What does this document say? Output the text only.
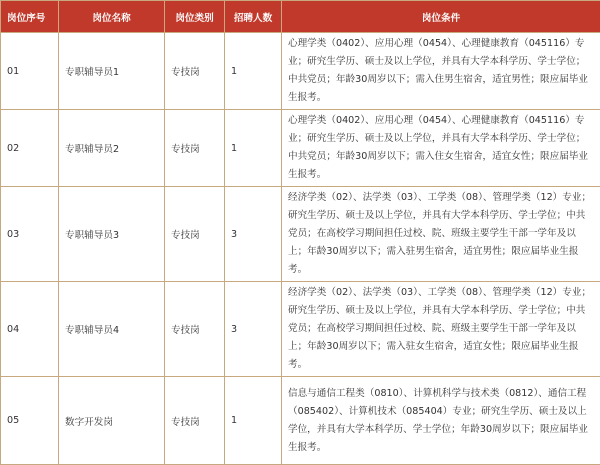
岗位序号	岗位名称	岗位类别	招聘人数	岗位条件
01	专职辅导员1	专技岗	1	心理学类（0402）、应用心理（0454）、心理健康教育（045116）专业；研究生学历、硕士及以上学位，并具有大学本科学历、学士学位；中共党员；年龄30周岁以下；需入住男生宿舍，适宜男性；限应届毕业生报考。
02	专职辅导员2	专技岗	1	心理学类（0402）、应用心理（0454）、心理健康教育（045116）专业；研究生学历、硕士及以上学位，并具有大学本科学历、学士学位；中共党员；年龄30周岁以下；需入住女生宿舍，适宜女性；限应届毕业生报考。
03	专职辅导员3	专技岗	3	经济学类（02）、法学类（03）、工学类（08）、管理学类（12）专业；研究生学历、硕士及以上学位，并具有大学本科学历、学士学位；中共党员；在高校学习期间担任过校、院、班级主要学生干部一学年及以上；年龄30周岁以下；需入驻男生宿舍，适宜男性；限应届毕业生报考。
04	专职辅导员4	专技岗	3	经济学类（02）、法学类（03）、工学类（08）、管理学类（12）专业；研究生学历、硕士及以上学位，并具有大学本科学历、学士学位；中共党员；在高校学习期间担任过校、院、班级主要学生干部一学年及以上；年龄30周岁以下；需入驻女生宿舍，适宜女性；限应届毕业生报考。
05	数字开发岗	专技岗	1	信息与通信工程类（0810）、计算机科学与技术类（0812）、通信工程（085402）、计算机技术（085404）专业；研究生学历、硕士及以上学位，并具有大学本科学历、学士学位；年龄30周岁以下；限应届毕业生报考。
